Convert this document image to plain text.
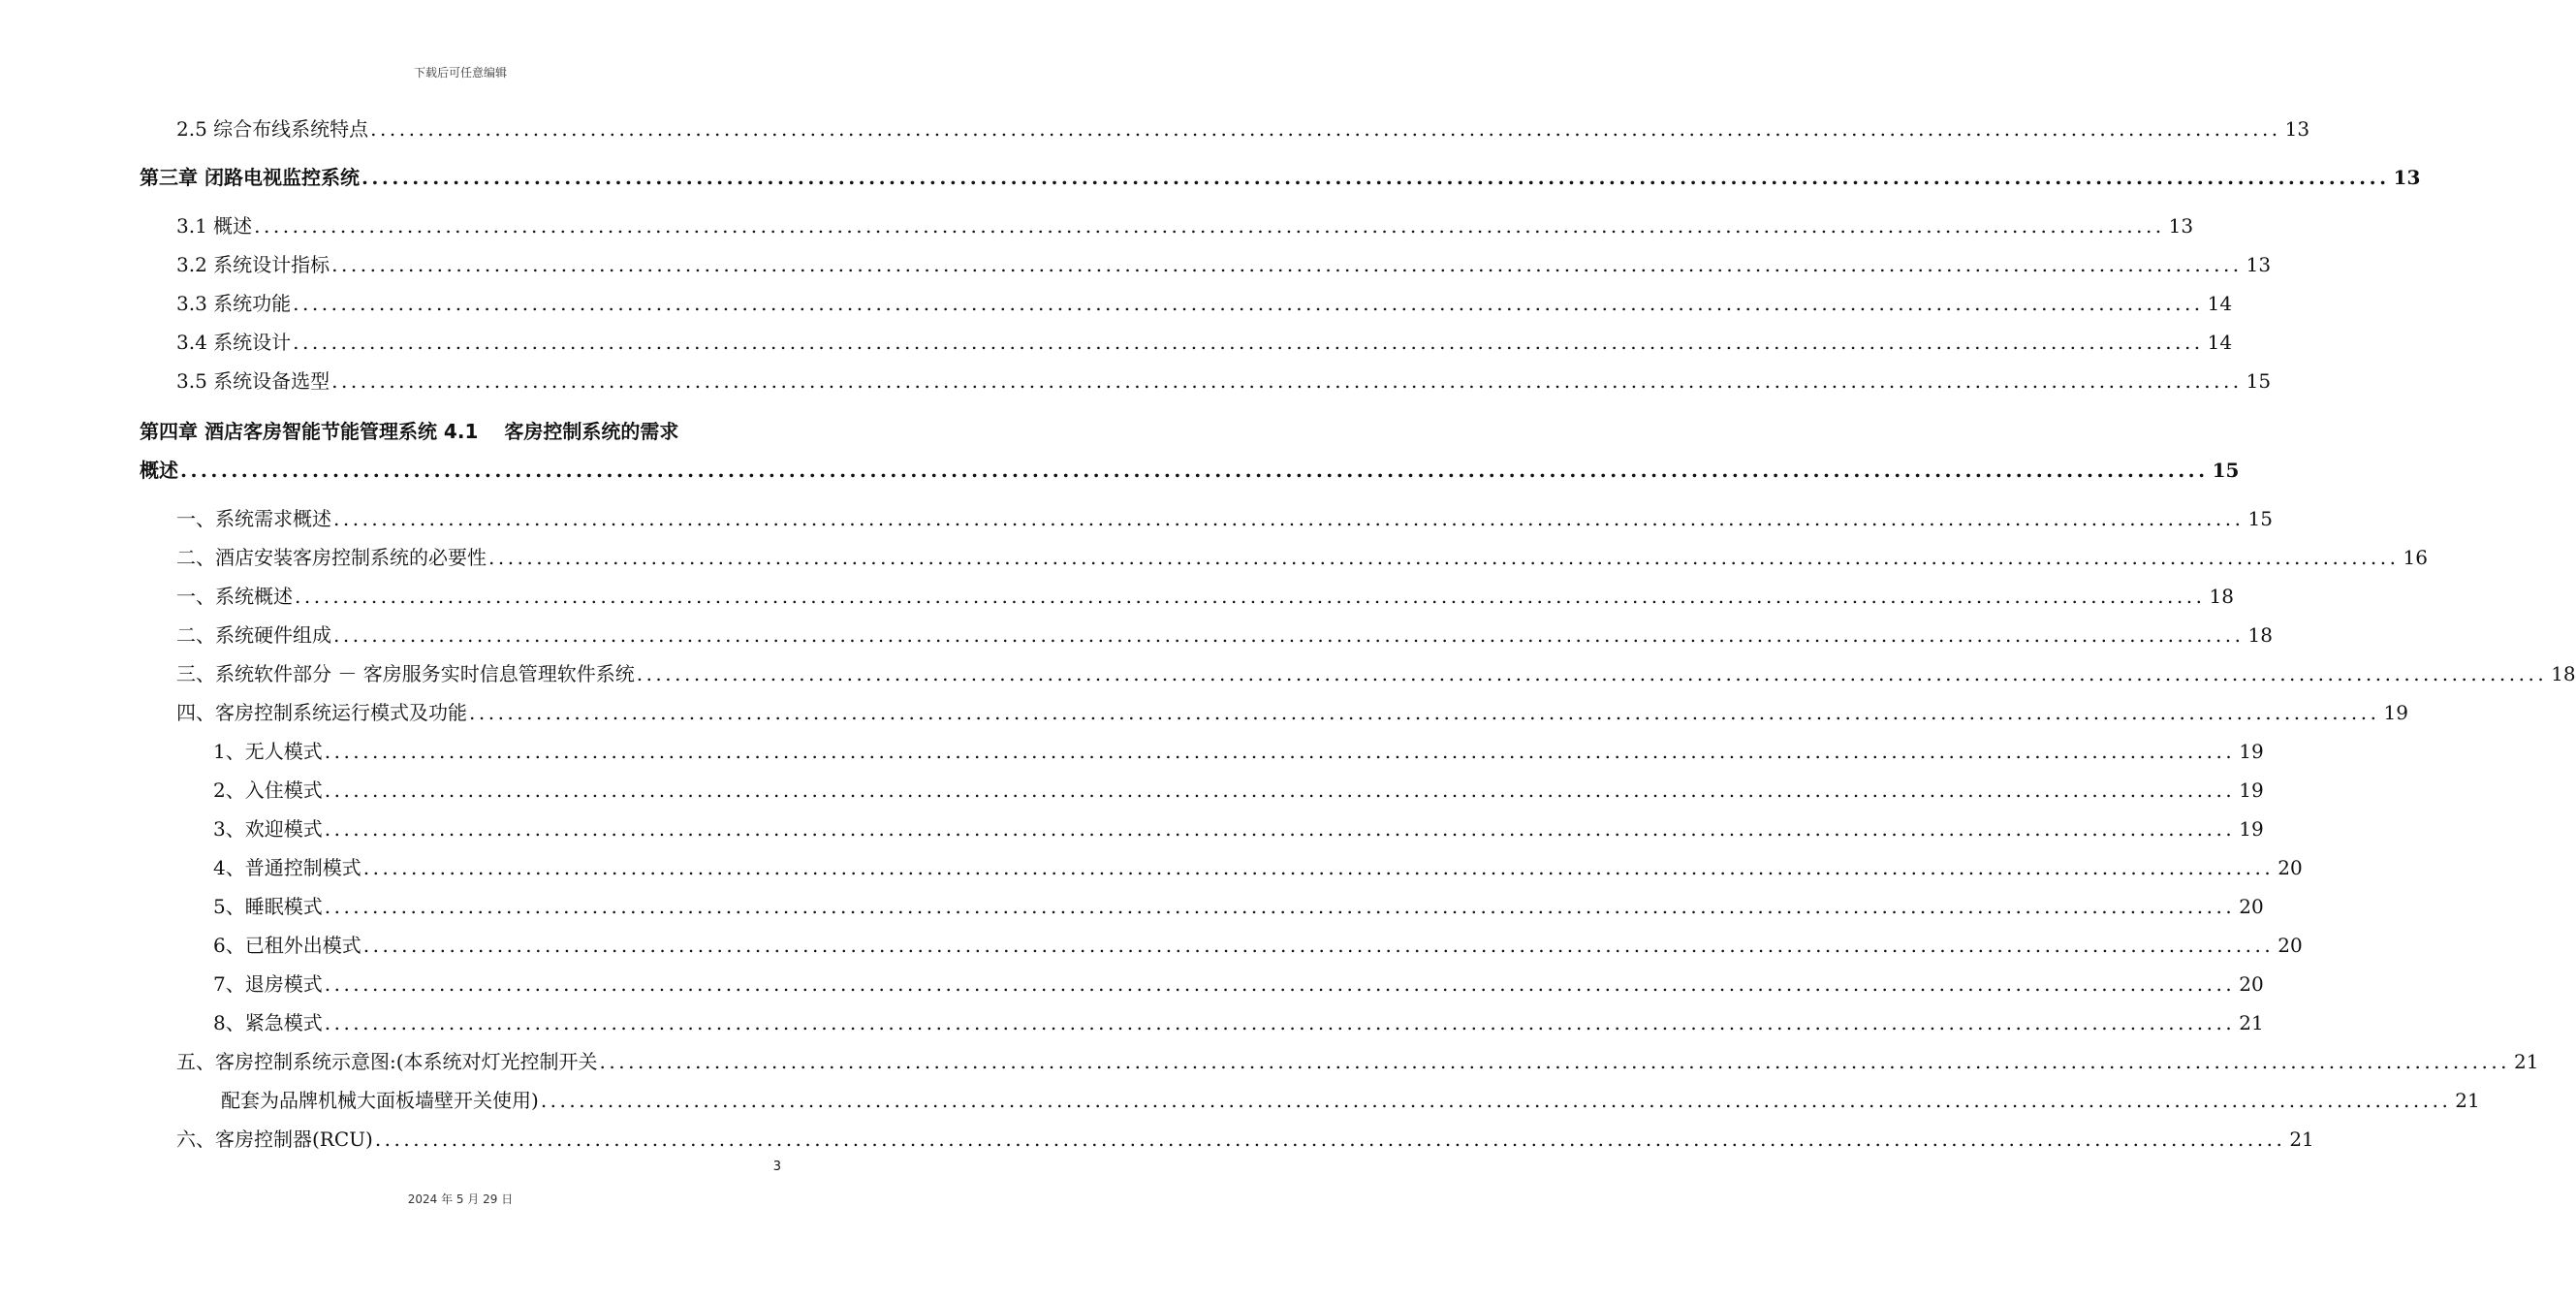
下载后可任意编辑
2.5 综合布线系统特点 ........................................................................................................................................................................................................ 13
第三章 闭路电视监控系统 ........................................................................................................................................................................................................ 13
3.1 概述 ........................................................................................................................................................................................................ 13
3.2 系统设计指标 ........................................................................................................................................................................................................ 13
3.3 系统功能 ........................................................................................................................................................................................................ 14
3.4 系统设计 ........................................................................................................................................................................................................ 14
3.5 系统设备选型 ........................................................................................................................................................................................................ 15
第四章 酒店客房智能节能管理系统 4.1 　客房控制系统的需求
概述 ........................................................................................................................................................................................................ 15
一、系统需求概述 ........................................................................................................................................................................................................ 15
二、酒店安装客房控制系统的必要性 ........................................................................................................................................................................................................ 16
一、系统概述 ........................................................................................................................................................................................................ 18
二、系统硬件组成 ........................................................................................................................................................................................................ 18
三、系统软件部分 － 客房服务实时信息管理软件系统 ........................................................................................................................................................................................................ 18
四、客房控制系统运行模式及功能 ........................................................................................................................................................................................................ 19
1、无人模式 ........................................................................................................................................................................................................ 19
2、入住模式 ........................................................................................................................................................................................................ 19
3、欢迎模式 ........................................................................................................................................................................................................ 19
4、普通控制模式 ........................................................................................................................................................................................................ 20
5、睡眠模式 ........................................................................................................................................................................................................ 20
6、已租外出模式 ........................................................................................................................................................................................................ 20
7、退房模式 ........................................................................................................................................................................................................ 20
8、紧急模式 ........................................................................................................................................................................................................ 21
五、客房控制系统示意图:(本系统对灯光控制开关 ........................................................................................................................................................................................................ 21
配套为品牌机械大面板墙壁开关使用) ........................................................................................................................................................................................................ 21
六、客房控制器(RCU) ........................................................................................................................................................................................................ 21
3
2024 年 5 月 29 日
